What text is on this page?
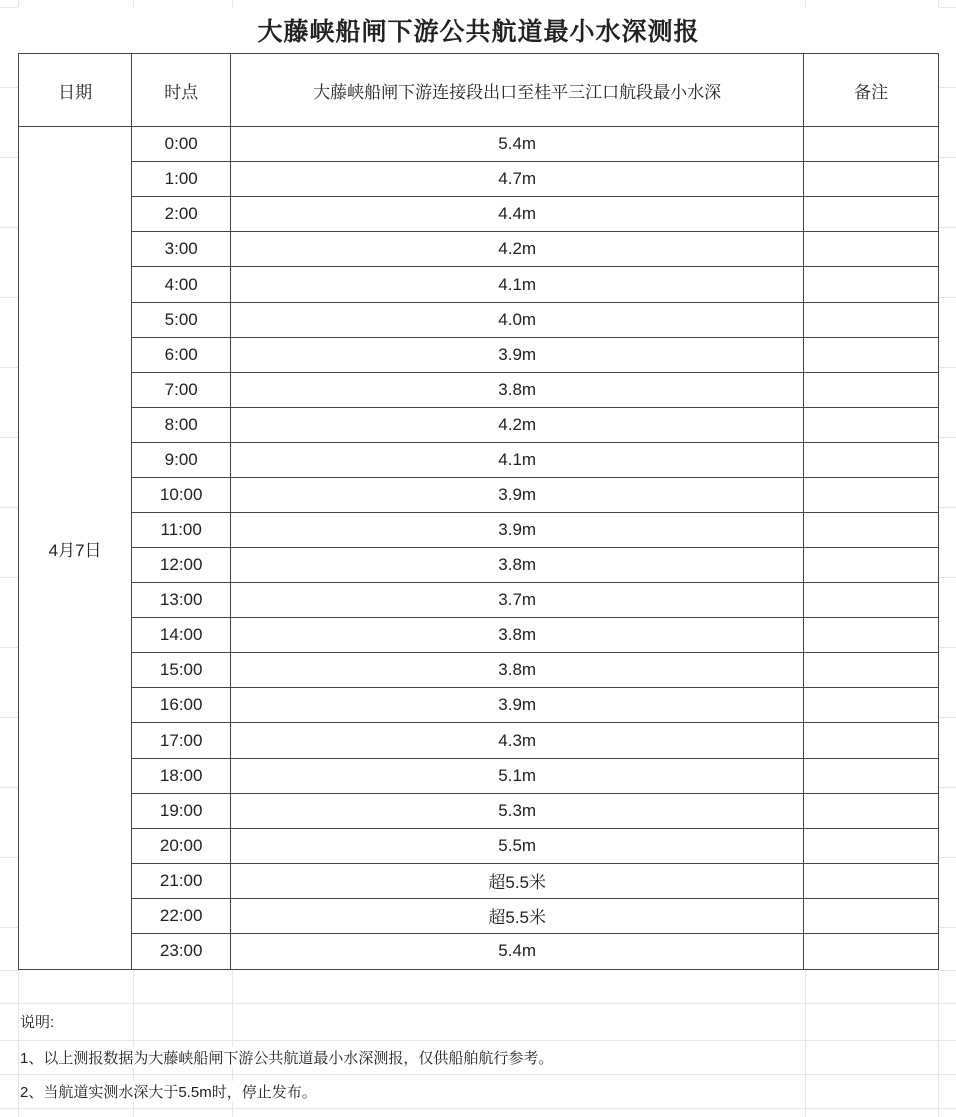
大藤峡船闸下游公共航道最小水深测报
日期	时点	大藤峡船闸下游连接段出口至桂平三江口航段最小水深	备注
4月7日
0:00	5.4m
1:00	4.7m
2:00	4.4m
3:00	4.2m
4:00	4.1m
5:00	4.0m
6:00	3.9m
7:00	3.8m
8:00	4.2m
9:00	4.1m
10:00	3.9m
11:00	3.9m
12:00	3.8m
13:00	3.7m
14:00	3.8m
15:00	3.8m
16:00	3.9m
17:00	4.3m
18:00	5.1m
19:00	5.3m
20:00	5.5m
21:00	超5.5米
22:00	超5.5米
23:00	5.4m
说明:
1、以上测报数据为大藤峡船闸下游公共航道最小水深测报，仅供船舶航行参考。
2、当航道实测水深大于5.5m时，停止发布。
